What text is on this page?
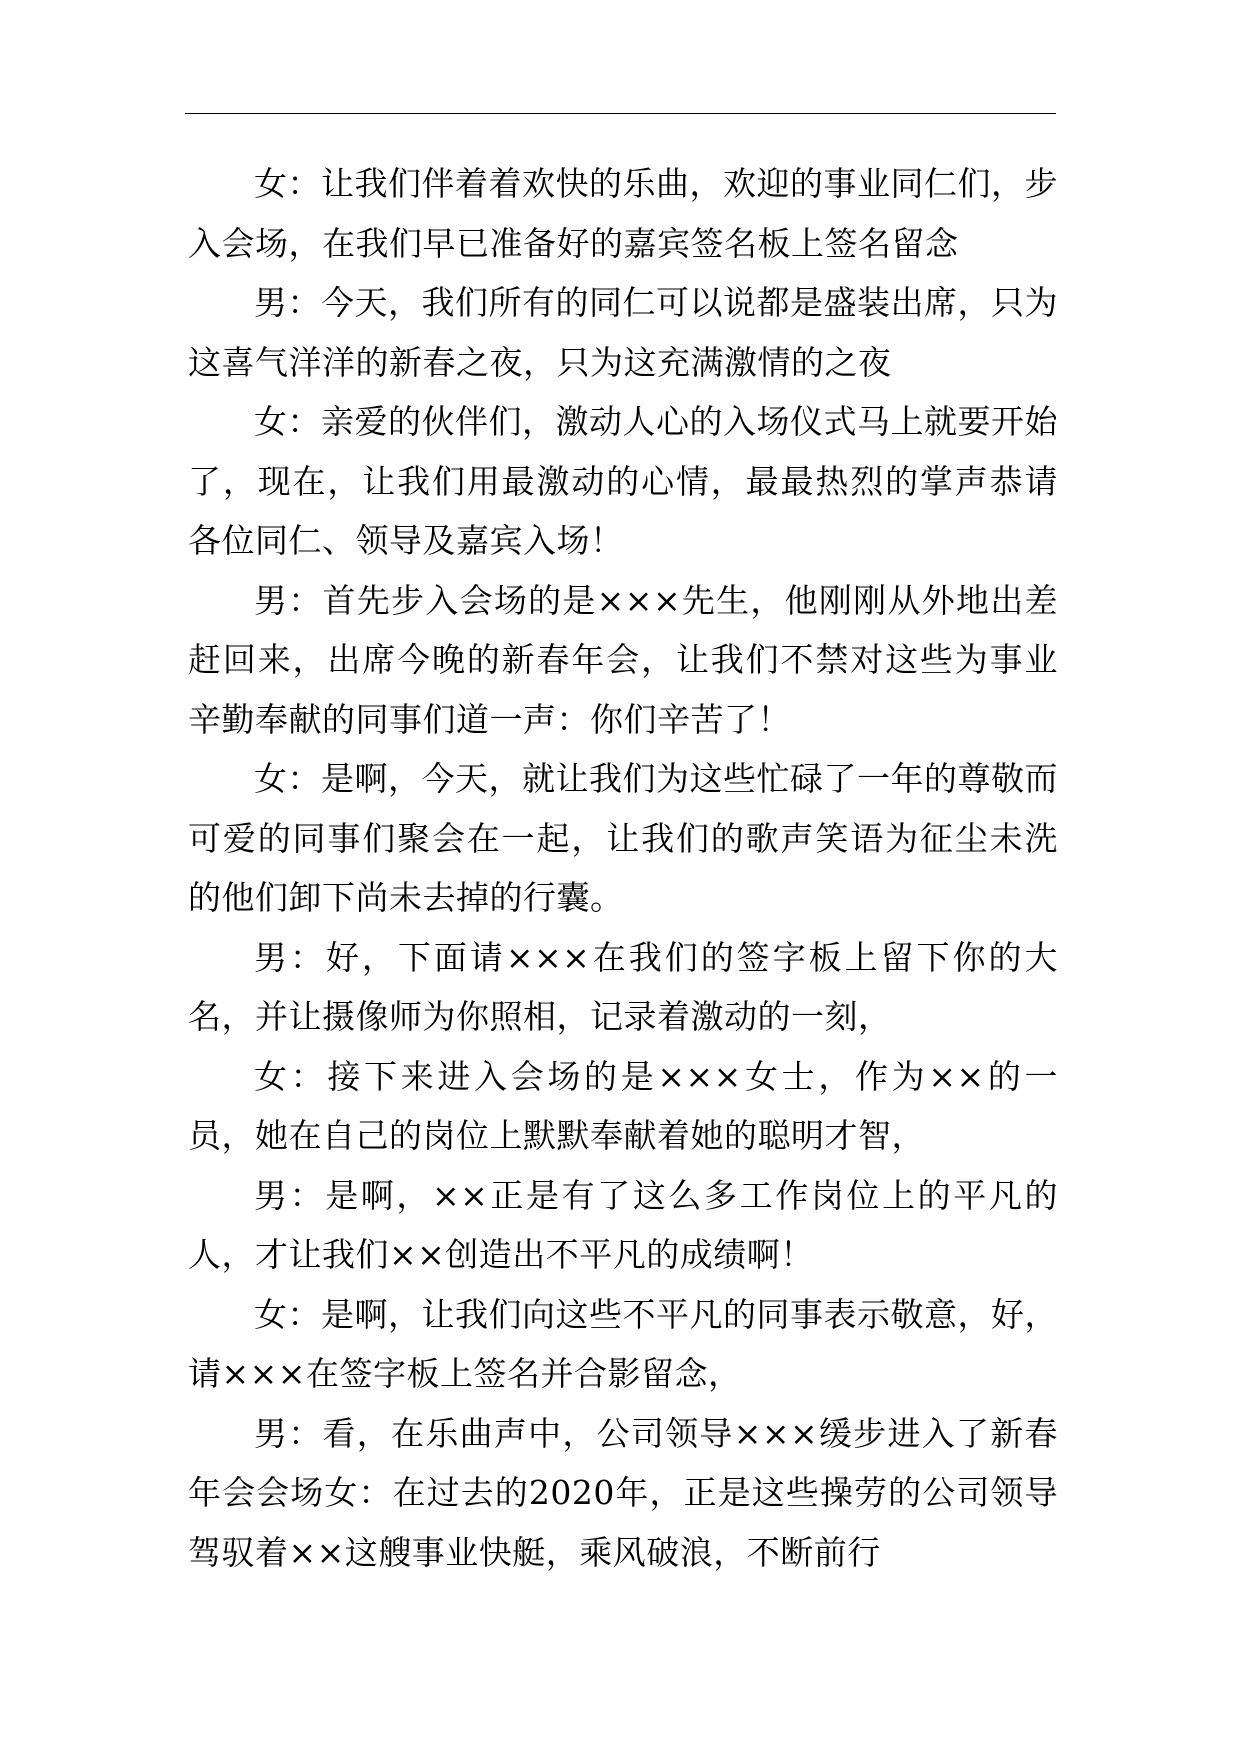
女：让我们伴着着欢快的乐曲，欢迎的事业同仁们，步入会场，在我们早已准备好的嘉宾签名板上签名留念

男：今天，我们所有的同仁可以说都是盛装出席，只为这喜气洋洋的新春之夜，只为这充满激情的之夜

女：亲爱的伙伴们，激动人心的入场仪式马上就要开始了，现在，让我们用最激动的心情，最最热烈的掌声恭请各位同仁、领导及嘉宾入场！

男：首先步入会场的是×××先生，他刚刚从外地出差赶回来，出席今晚的新春年会，让我们不禁对这些为事业辛勤奉献的同事们道一声：你们辛苦了！

女：是啊，今天，就让我们为这些忙碌了一年的尊敬而可爱的同事们聚会在一起，让我们的歌声笑语为征尘未洗的他们卸下尚未去掉的行囊。

男：好，下面请×××在我们的签字板上留下你的大名，并让摄像师为你照相，记录着激动的一刻，

女：接下来进入会场的是×××女士，作为××的一员，她在自己的岗位上默默奉献着她的聪明才智，

男：是啊，××正是有了这么多工作岗位上的平凡的人，才让我们××创造出不平凡的成绩啊！

女：是啊，让我们向这些不平凡的同事表示敬意，好，请×××在签字板上签名并合影留念，

男：看，在乐曲声中，公司领导×××缓步进入了新春年会会场女：在过去的2020年，正是这些操劳的公司领导驾驭着××这艘事业快艇，乘风破浪，不断前行
